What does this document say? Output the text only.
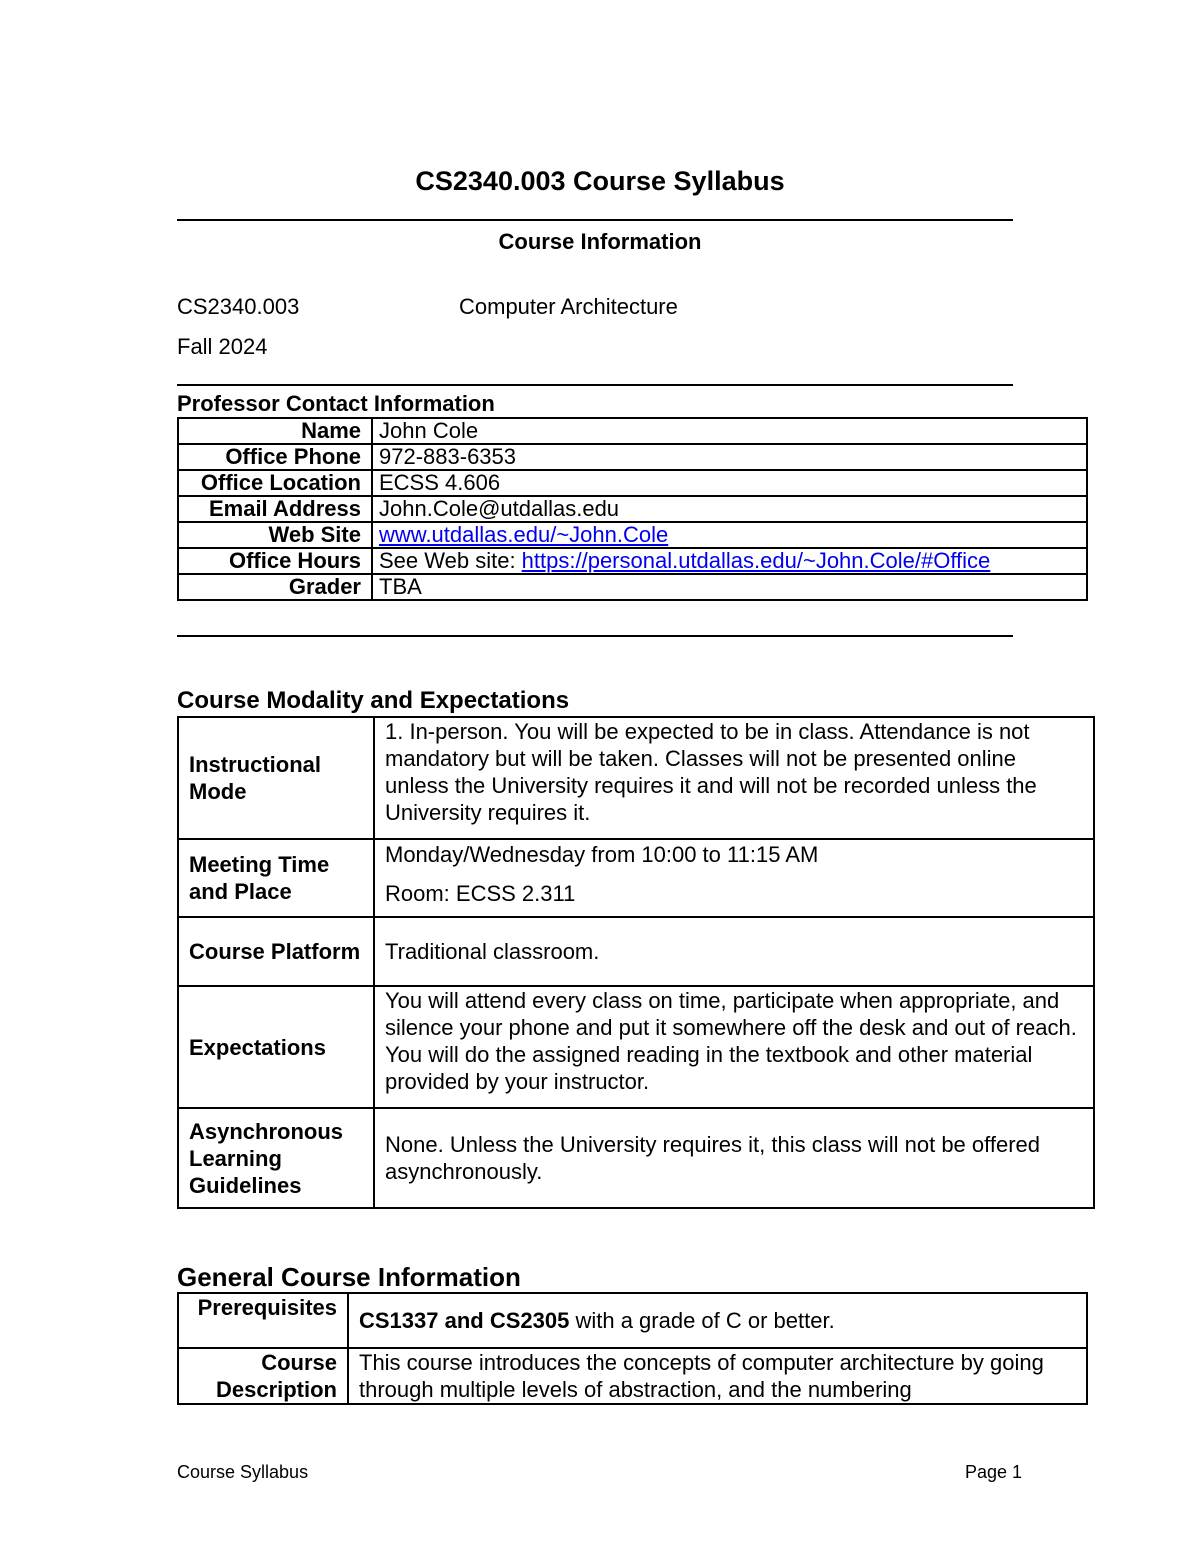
CS2340.003 Course Syllabus
Course Information
CS2340.003	Computer Architecture
Fall 2024
Professor Contact Information
Name	John Cole
Office Phone	972-883-6353
Office Location	ECSS 4.606
Email Address	John.Cole@utdallas.edu
Web Site	www.utdallas.edu/~John.Cole
Office Hours	See Web site: https://personal.utdallas.edu/~John.Cole/#Office
Grader	TBA
Course Modality and Expectations
Instructional Mode	1. In-person. You will be expected to be in class. Attendance is not mandatory but will be taken. Classes will not be presented online unless the University requires it and will not be recorded unless the University requires it.

Meeting Time and Place	Monday/Wednesday from 10:00 to 11:15 AM

Room: ECSS 2.311

Course Platform	Traditional classroom.

Expectations	You will attend every class on time, participate when appropriate, and silence your phone and put it somewhere off the desk and out of reach. You will do the assigned reading in the textbook and other material provided by your instructor.

Asynchronous Learning Guidelines	None. Unless the University requires it, this class will not be offered asynchronously.

General Course Information
Prerequisites	CS1337 and CS2305 with a grade of C or better.
Course Description	This course introduces the concepts of computer architecture by going through multiple levels of abstraction, and the numbering
Course Syllabus	Page 1
